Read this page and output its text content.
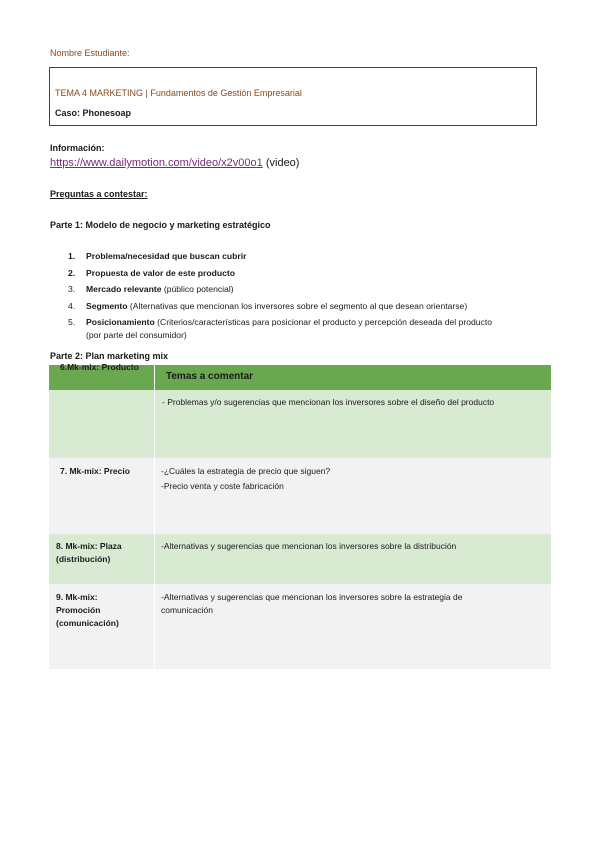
Nombre Estudiante:
TEMA 4 MARKETING | Fundamentos de Gestión Empresarial
Caso: Phonesoap
Información:
https://www.dailymotion.com/video/x2v00o1 (video)
Preguntas a contestar:
Parte 1: Modelo de negocio y marketing estratégico
1.	Problema/necesidad que buscan cubrir
2.	Propuesta de valor de este producto
3.	Mercado relevante (público potencial)
4.	Segmento (Alternativas que mencionan los inversores sobre el segmento al que desean orientarse)
5.	Posicionamiento (Criterios/características para posicionar el producto y percepción deseada del producto (por parte del consumidor)
Parte 2: Plan marketing mix

	Temas a comentar

6.Mk-mix: Producto	- Problemas y/o sugerencias que mencionan los inversores sobre el diseño del producto

7. Mk-mix: Precio	-¿Cuáles la estrategia de precio que siguen?
-Precio venta y coste fabricación

8. Mk-mix: Plaza (distribución)	-Alternativas y sugerencias que mencionan los inversores sobre la distribución

9. Mk-mix: Promoción (comunicación)	-Alternativas y sugerencias que mencionan los inversores sobre la estrategia de comunicación
